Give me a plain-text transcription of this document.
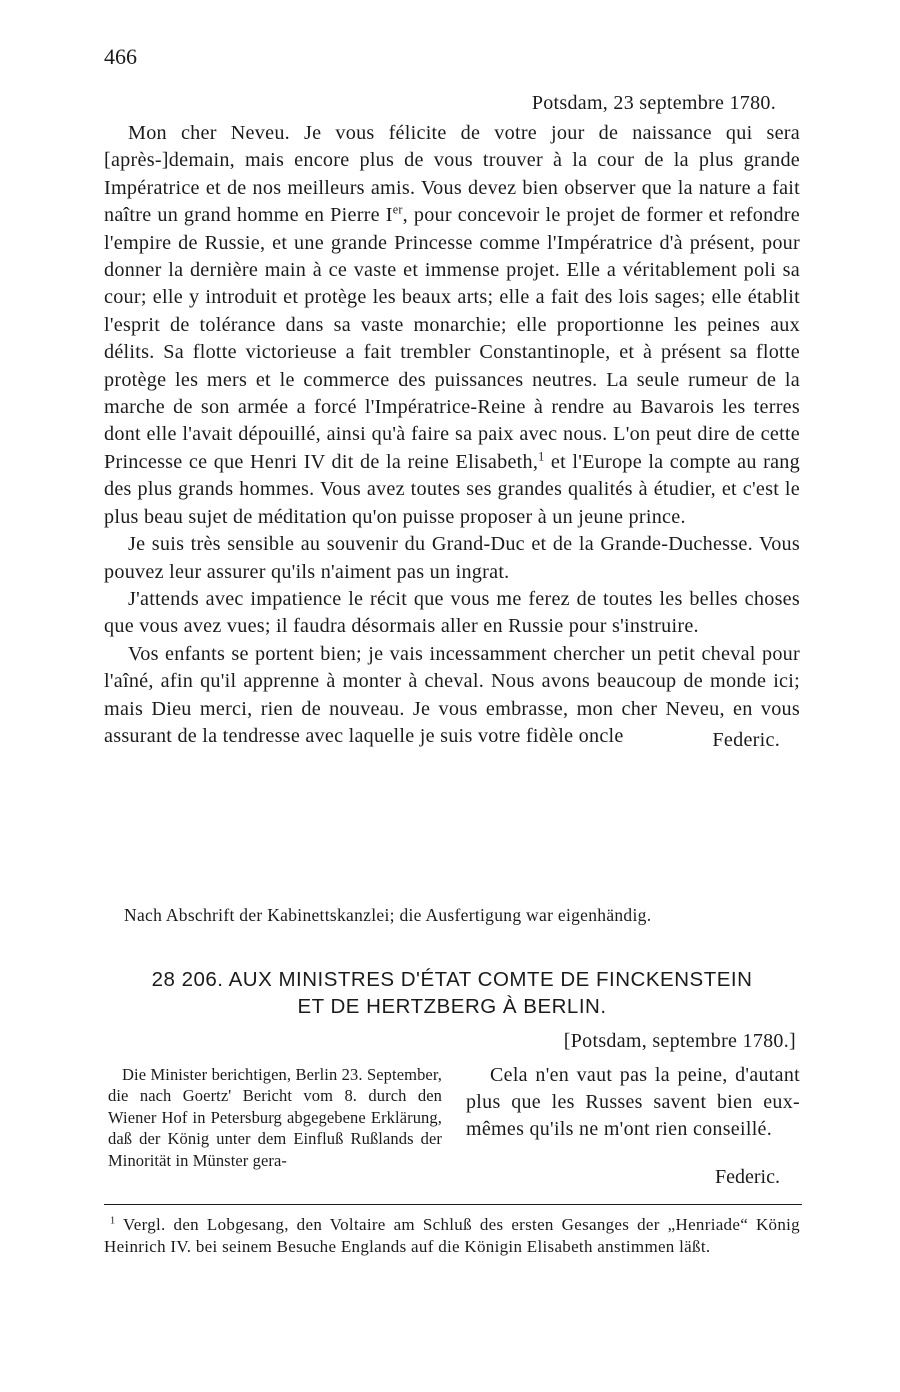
466
Potsdam, 23 septembre 1780.

Mon cher Neveu. Je vous félicite de votre jour de naissance qui sera [après-]demain, mais encore plus de vous trouver à la cour de la plus grande Impératrice et de nos meilleurs amis. Vous devez bien observer que la nature a fait naître un grand homme en Pierre Ier, pour concevoir le projet de former et refondre l'empire de Russie, et une grande Princesse comme l'Impératrice d'à présent, pour donner la dernière main à ce vaste et immense projet. Elle a véritablement poli sa cour; elle y introduit et protège les beaux arts; elle a fait des lois sages; elle établit l'esprit de tolérance dans sa vaste monarchie; elle proportionne les peines aux délits. Sa flotte victorieuse a fait trembler Constantinople, et à présent sa flotte protège les mers et le commerce des puissances neutres. La seule rumeur de la marche de son armée a forcé l'Impératrice-Reine à rendre au Bavarois les terres dont elle l'avait dépouillé, ainsi qu'à faire sa paix avec nous. L'on peut dire de cette Princesse ce que Henri IV dit de la reine Elisabeth,$^1$ et l'Europe la compte au rang des plus grands hommes. Vous avez toutes ses grandes qualités à étudier, et c'est le plus beau sujet de méditation qu'on puisse proposer à un jeune prince.

Je suis très sensible au souvenir du Grand-Duc et de la Grande-Duchesse. Vous pouvez leur assurer qu'ils n'aiment pas un ingrat.

J'attends avec impatience le récit que vous me ferez de toutes les belles choses que vous avez vues; il faudra désormais aller en Russie pour s'instruire.

Vos enfants se portent bien; je vais incessamment chercher un petit cheval pour l'aîné, afin qu'il apprenne à monter à cheval. Nous avons beaucoup de monde ici; mais Dieu merci, rien de nouveau. Je vous embrasse, mon cher Neveu, en vous assurant de la tendresse avec laquelle je suis votre fidèle oncle	Federic.

Nach Abschrift der Kabinettskanzlei; die Ausfertigung war eigenhändig.
28 206. AUX MINISTRES D'ÉTAT COMTE DE FINCKENSTEIN
ET DE HERTZBERG À BERLIN.
[Potsdam, septembre 1780.]

Die Minister berichtigen, Berlin 23. September, die nach Goertz' Bericht vom 8. durch den Wiener Hof in Petersburg abgegebene Erklärung, daß der König unter dem Einfluß Rußlands der Minorität in Münster gera-

Cela n'en vaut pas la peine, d'autant plus que les Russes savent bien eux-mêmes qu'ils ne m'ont rien conseillé.

Federic.

$^1$ Vergl. den Lobgesang, den Voltaire am Schluß des ersten Gesanges der „Henriade“ König Heinrich IV. bei seinem Besuche Englands auf die Königin Elisabeth anstimmen läßt.
